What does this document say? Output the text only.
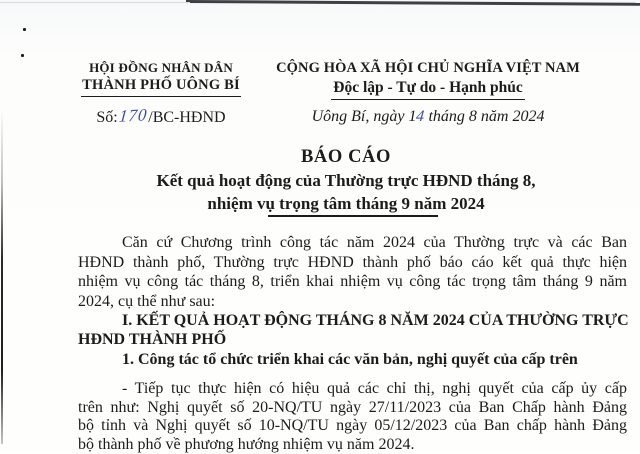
HỘI ĐỒNG NHÂN DÂN
THÀNH PHỐ UÔNG BÍ
Số:170/BC-HĐND
CỘNG HÒA XÃ HỘI CHỦ NGHĨA VIỆT NAM
Độc lập - Tự do - Hạnh phúc
Uông Bí, ngày 14 tháng 8 năm 2024
BÁO CÁO
Kết quả hoạt động của Thường trực HĐND tháng 8,
nhiệm vụ trọng tâm tháng 9 năm 2024
Căn cứ Chương trình công tác năm 2024 của Thường trực và các Ban
HĐND thành phố, Thường trực HĐND thành phố báo cáo kết quả thực hiện
nhiệm vụ công tác tháng 8, triển khai nhiệm vụ công tác trọng tâm tháng 9 năm
2024, cụ thể như sau:
I. KẾT QUẢ HOẠT ĐỘNG THÁNG 8 NĂM 2024 CỦA THƯỜNG TRỰC
HĐND THÀNH PHỐ
1. Công tác tổ chức triển khai các văn bản, nghị quyết của cấp trên
- Tiếp tục thực hiện có hiệu quả các chỉ thị, nghị quyết của cấp ủy cấp
trên như: Nghị quyết số 20-NQ/TU ngày 27/11/2023 của Ban Chấp hành Đảng
bộ tỉnh và Nghị quyết số 10-NQ/TU ngày 05/12/2023 của Ban chấp hành Đảng
bộ thành phố về phương hướng nhiệm vụ năm 2024.
